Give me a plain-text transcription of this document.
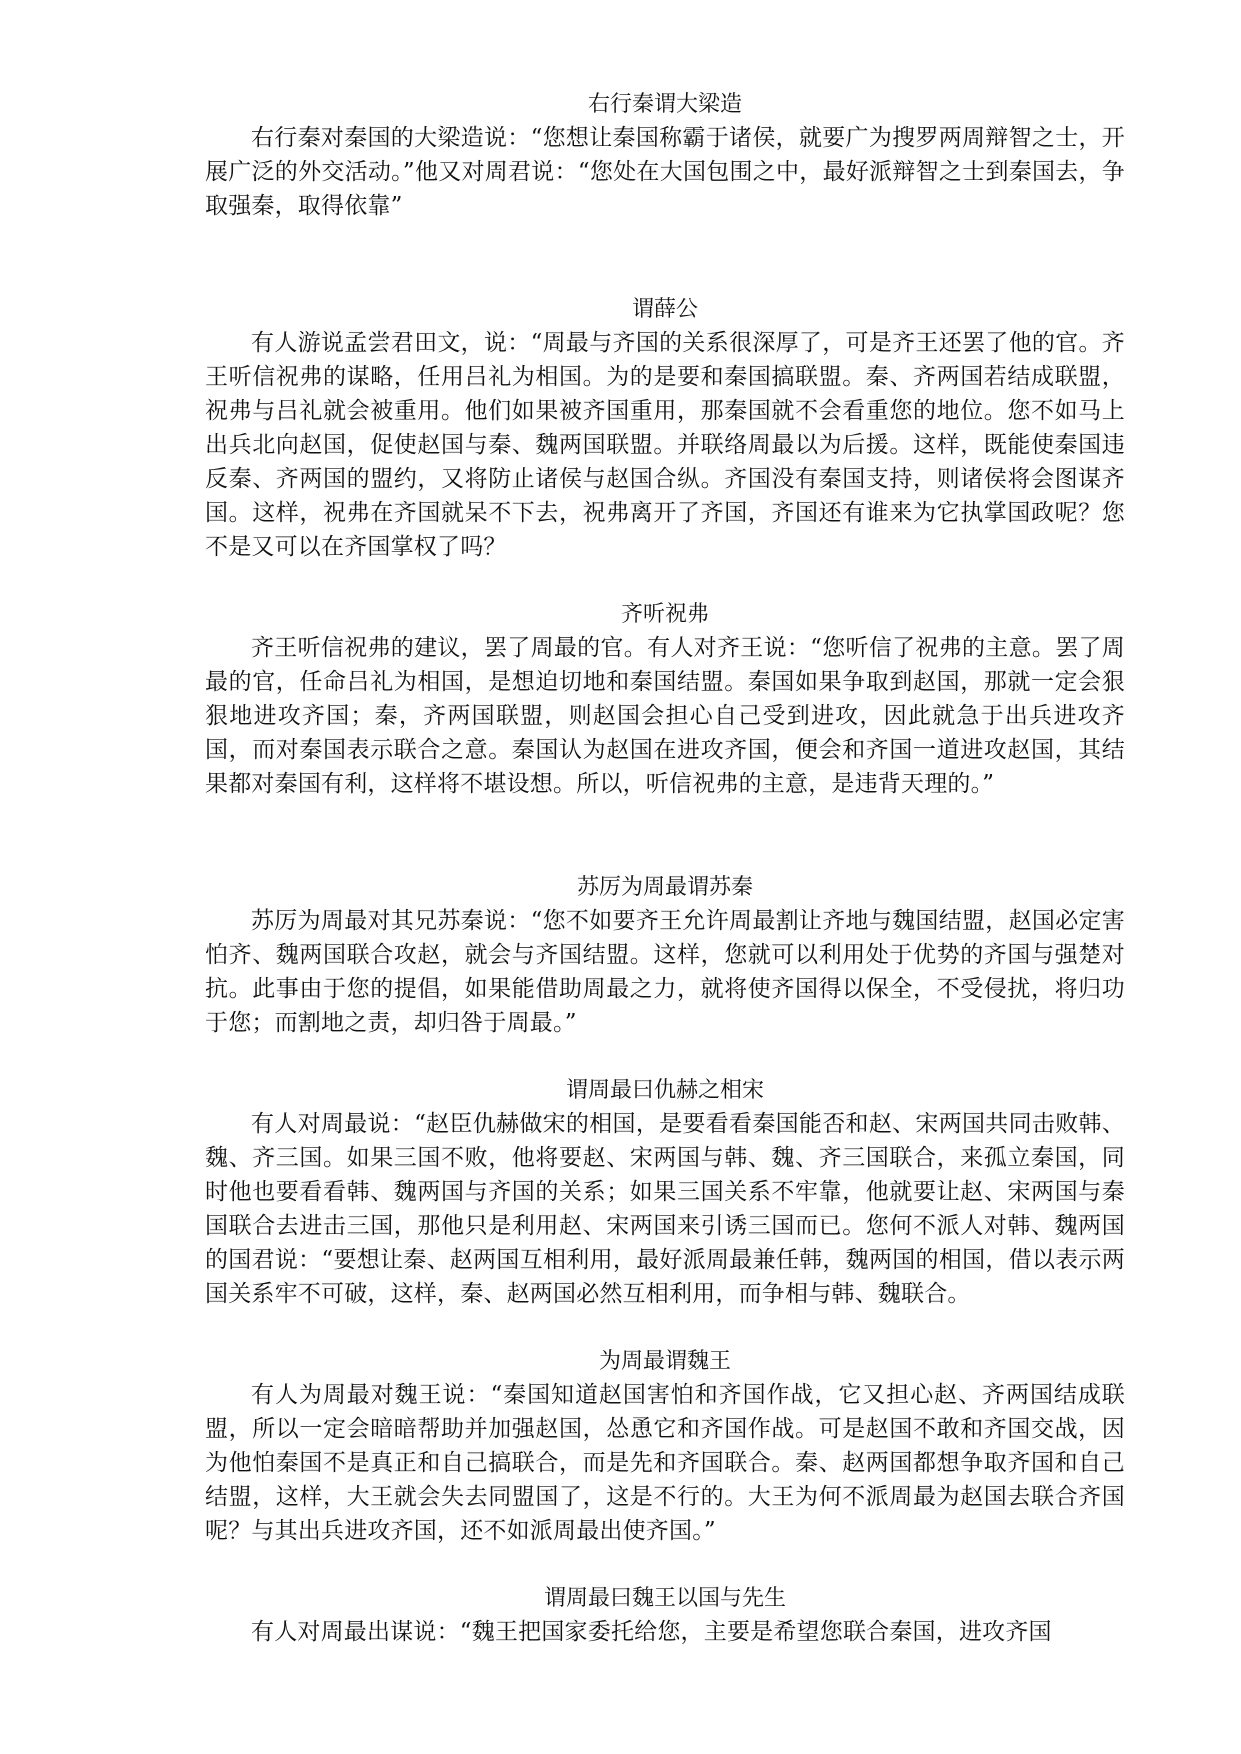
右行秦谓大梁造

右行秦对秦国的大梁造说：“您想让秦国称霸于诸侯，就要广为搜罗两周辩智之士，开展广泛的外交活动。”他又对周君说：“您处在大国包围之中，最好派辩智之士到秦国去，争取强秦，取得依靠”

谓薛公

有人游说孟尝君田文，说：“周最与齐国的关系很深厚了，可是齐王还罢了他的官。齐王听信祝弗的谋略，任用吕礼为相国。为的是要和秦国搞联盟。秦、齐两国若结成联盟，祝弗与吕礼就会被重用。他们如果被齐国重用，那秦国就不会看重您的地位。您不如马上出兵北向赵国，促使赵国与秦、魏两国联盟。并联络周最以为后援。这样，既能使秦国违反秦、齐两国的盟约，又将防止诸侯与赵国合纵。齐国没有秦国支持，则诸侯将会图谋齐国。这样，祝弗在齐国就呆不下去，祝弗离开了齐国，齐国还有谁来为它执掌国政呢？您不是又可以在齐国掌权了吗？

齐听祝弗

齐王听信祝弗的建议，罢了周最的官。有人对齐王说：“您听信了祝弗的主意。罢了周最的官，任命吕礼为相国，是想迫切地和秦国结盟。秦国如果争取到赵国，那就一定会狠狠地进攻齐国；秦，齐两国联盟，则赵国会担心自己受到进攻，因此就急于出兵进攻齐国，而对秦国表示联合之意。秦国认为赵国在进攻齐国，便会和齐国一道进攻赵国，其结果都对秦国有利，这样将不堪设想。所以，听信祝弗的主意，是违背天理的。”

苏厉为周最谓苏秦

苏厉为周最对其兄苏秦说：“您不如要齐王允许周最割让齐地与魏国结盟，赵国必定害怕齐、魏两国联合攻赵，就会与齐国结盟。这样，您就可以利用处于优势的齐国与强楚对抗。此事由于您的提倡，如果能借助周最之力，就将使齐国得以保全，不受侵扰，将归功于您；而割地之责，却归咎于周最。”

谓周最曰仇赫之相宋

有人对周最说：“赵臣仇赫做宋的相国，是要看看秦国能否和赵、宋两国共同击败韩、魏、齐三国。如果三国不败，他将要赵、宋两国与韩、魏、齐三国联合，来孤立秦国，同时他也要看看韩、魏两国与齐国的关系；如果三国关系不牢靠，他就要让赵、宋两国与秦国联合去进击三国，那他只是利用赵、宋两国来引诱三国而已。您何不派人对韩、魏两国的国君说：“要想让秦、赵两国互相利用，最好派周最兼任韩，魏两国的相国，借以表示两国关系牢不可破，这样，秦、赵两国必然互相利用，而争相与韩、魏联合。

为周最谓魏王

有人为周最对魏王说：“秦国知道赵国害怕和齐国作战，它又担心赵、齐两国结成联盟，所以一定会暗暗帮助并加强赵国，怂恿它和齐国作战。可是赵国不敢和齐国交战，因为他怕秦国不是真正和自己搞联合，而是先和齐国联合。秦、赵两国都想争取齐国和自己结盟，这样，大王就会失去同盟国了，这是不行的。大王为何不派周最为赵国去联合齐国呢？与其出兵进攻齐国，还不如派周最出使齐国。”

谓周最曰魏王以国与先生

有人对周最出谋说：“魏王把国家委托给您，主要是希望您联合秦国，进攻齐国
